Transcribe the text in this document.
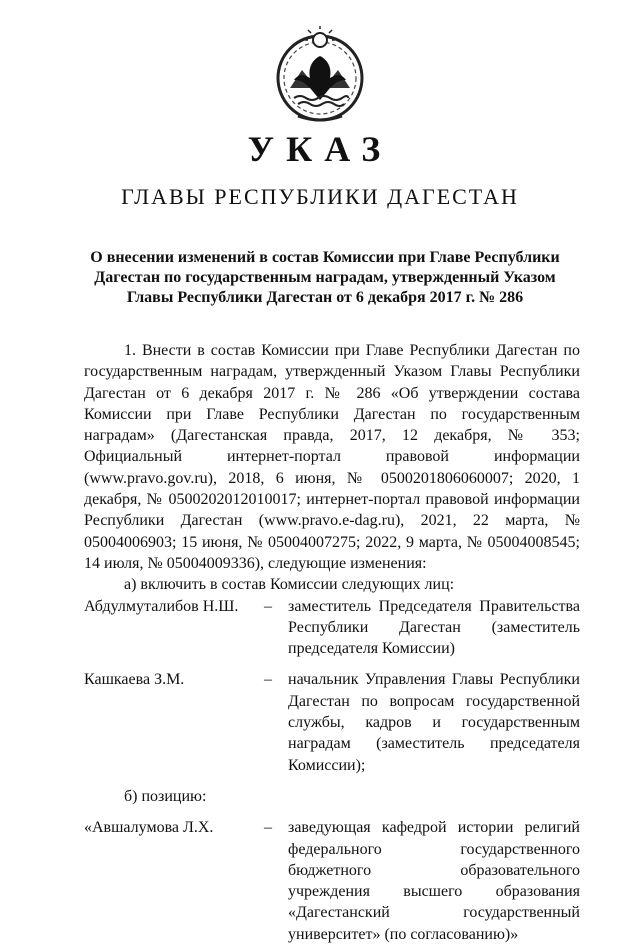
УКАЗ
ГЛАВЫ РЕСПУБЛИКИ ДАГЕСТАН
О внесении изменений в состав Комиссии при Главе Республики Дагестан по государственным наградам, утвержденный Указом Главы Республики Дагестан от 6 декабря 2017 г. № 286

1. Внести в состав Комиссии при Главе Республики Дагестан по государственным наградам, утвержденный Указом Главы Республики Дагестан от 6 декабря 2017 г. № 286 «Об утверждении состава Комиссии при Главе Республики Дагестан по государственным наградам» (Дагестанская правда, 2017, 12 декабря, № 353; Официальный интернет-портал правовой информации (www.pravo.gov.ru), 2018, 6 июня, № 0500201806060007; 2020, 1 декабря, № 0500202012010017; интернет-портал правовой информации Республики Дагестан (www.pravo.e-dag.ru), 2021, 22 марта, № 05004006903; 15 июня, № 05004007275; 2022, 9 марта, № 05004008545; 14 июля, № 05004009336), следующие изменения:

а) включить в состав Комиссии следующих лиц:

Абдулмуталибов Н.Ш.	–	заместитель Председателя Правительства Республики Дагестан (заместитель председателя Комиссии)
Кашкаева З.М.	–	начальник Управления Главы Республики Дагестан по вопросам государственной службы, кадров и государственным наградам (заместитель председателя Комиссии);

б) позицию:

«Авшалумова Л.Х.	–	заведующая кафедрой истории религий федерального государственного бюджетного образовательного учреждения высшего образования «Дагестанский государственный университет» (по согласованию)»
